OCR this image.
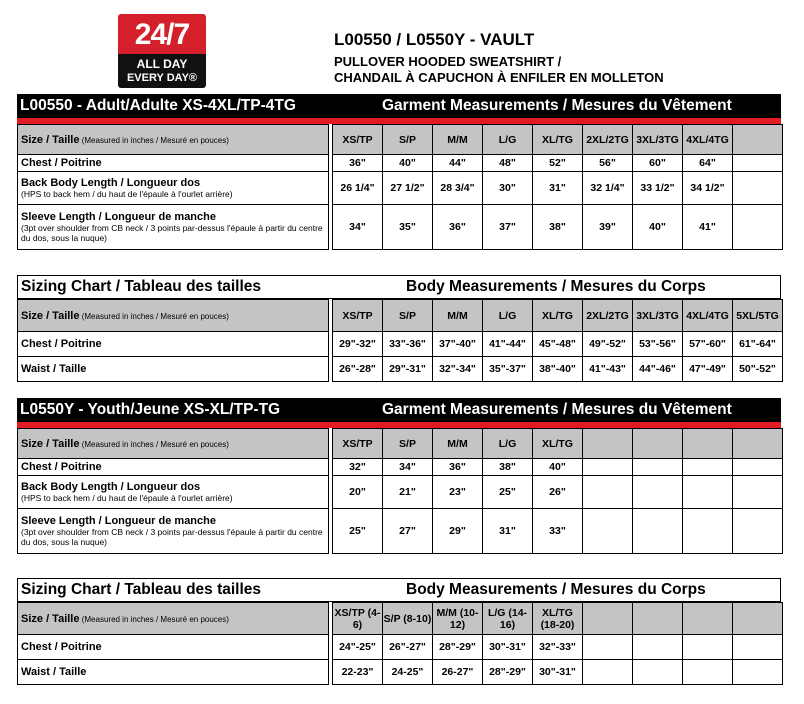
24/7
ALL DAY
EVERY DAY®
L00550 / L0550Y - VAULT
PULLOVER HOODED SWEATSHIRT /
CHANDAIL À CAPUCHON À ENFILER EN MOLLETON
L00550 - Adult/Adulte XS-4XL/TP-4TG	Garment Measurements / Mesures du Vêtement
Size / Taille (Measured in inches / Mesuré en pouces)		XS/TP	S/P	M/M	L/G	XL/TG	2XL/2TG	3XL/3TG	4XL/4TG	
Chest / Poitrine		36"	40"	44"	48"	52"	56"	60"	64"	
Back Body Length / Longueur dos
(HPS to back hem / du haut de l'épaule à l'ourlet arrière)		26 1/4"	27 1/2"	28 3/4"	30"	31"	32 1/4"	33 1/2"	34 1/2"	
Sleeve Length / Longueur de manche
(3pt over shoulder from CB neck / 3 points par-dessus l'épaule à partir du centre du dos, sous la nuque)		34"	35"	36"	37"	38"	39"	40"	41"	
Sizing Chart / Tableau des tailles	Body Measurements / Mesures du Corps
Size / Taille (Measured in inches / Mesuré en pouces)		XS/TP	S/P	M/M	L/G	XL/TG	2XL/2TG	3XL/3TG	4XL/4TG	5XL/5TG
Chest / Poitrine		29"-32"	33"-36"	37"-40"	41"-44"	45"-48"	49"-52"	53"-56"	57"-60"	61"-64"
Waist / Taille		26"-28"	29"-31"	32"-34"	35"-37"	38"-40"	41"-43"	44"-46"	47"-49"	50"-52"
L0550Y - Youth/Jeune XS-XL/TP-TG	Garment Measurements / Mesures du Vêtement
Size / Taille (Measured in inches / Mesuré en pouces)		XS/TP	S/P	M/M	L/G	XL/TG				
Chest / Poitrine		32"	34"	36"	38"	40"				
Back Body Length / Longueur dos
(HPS to back hem / du haut de l'épaule à l'ourlet arrière)		20"	21"	23"	25"	26"				
Sleeve Length / Longueur de manche
(3pt over shoulder from CB neck / 3 points par-dessus l'épaule à partir du centre du dos, sous la nuque)		25"	27"	29"	31"	33"				
Sizing Chart / Tableau des tailles	Body Measurements / Mesures du Corps
Size / Taille (Measured in inches / Mesuré en pouces)		XS/TP (4-6)	S/P (8-10)	M/M (10-12)	L/G (14-16)	XL/TG (18-20)				
Chest / Poitrine		24"-25"	26"-27"	28"-29"	30"-31"	32"-33"				
Waist / Taille		22-23"	24-25"	26-27"	28"-29"	30"-31"				
